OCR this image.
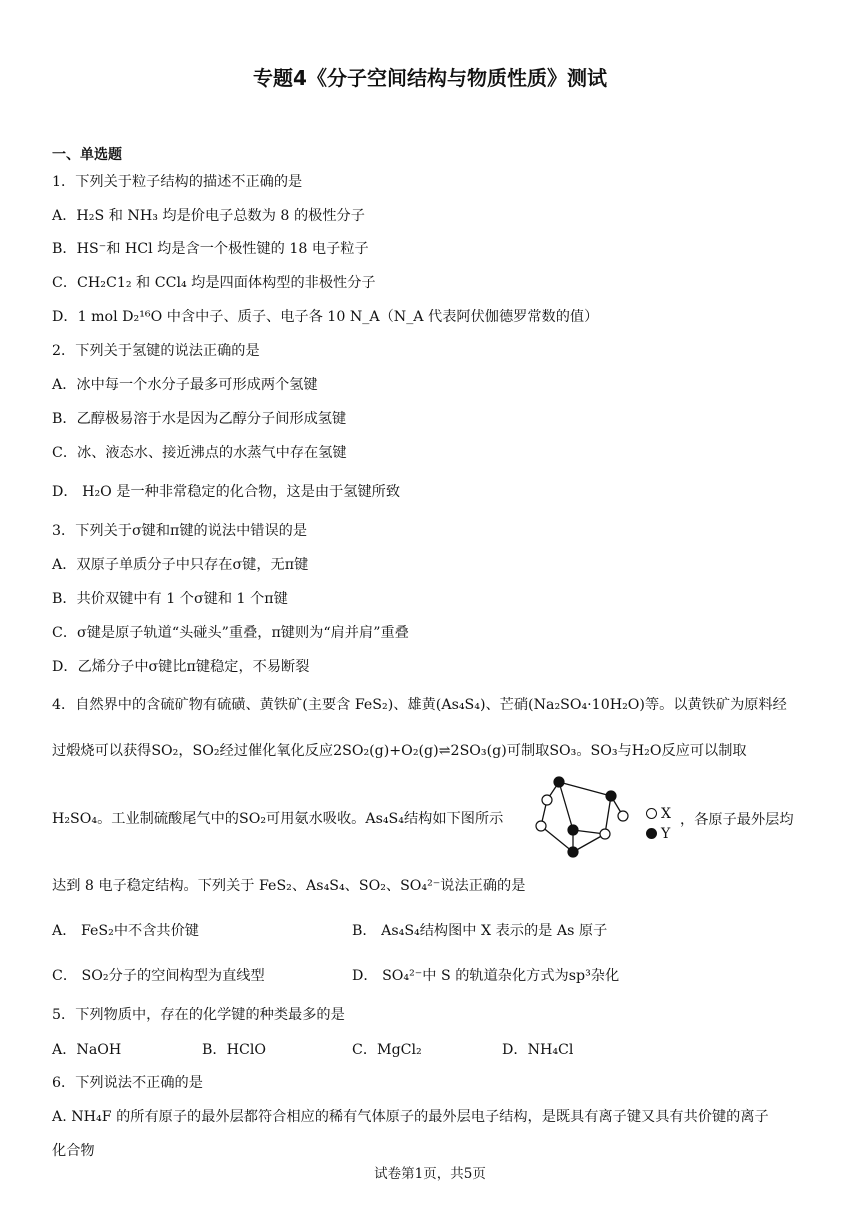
专题4《分子空间结构与物质性质》测试
一、单选题
1．下列关于粒子结构的描述不正确的是
A．H₂S 和 NH₃ 均是价电子总数为 8 的极性分子
B．HS⁻和 HCl 均是含一个极性键的 18 电子粒子
C．CH₂C1₂ 和 CCl₄ 均是四面体构型的非极性分子
D．1 mol D₂¹⁶O 中含中子、质子、电子各 10 N_A（N_A 代表阿伏伽德罗常数的值）
2．下列关于氢键的说法正确的是
A．冰中每一个水分子最多可形成两个氢键
B．乙醇极易溶于水是因为乙醇分子间形成氢键
C．冰、液态水、接近沸点的水蒸气中存在氢键
D． H₂O 是一种非常稳定的化合物，这是由于氢键所致
3．下列关于σ键和π键的说法中错误的是
A．双原子单质分子中只存在σ键，无π键
B．共价双键中有 1 个σ键和 1 个π键
C．σ键是原子轨道“头碰头”重叠，π键则为“肩并肩”重叠
D．乙烯分子中σ键比π键稳定，不易断裂
4．自然界中的含硫矿物有硫磺、黄铁矿(主要含 FeS₂)、雄黄(As₄S₄)、芒硝(Na₂SO₄·10H₂O)等。以黄铁矿为原料经
过煅烧可以获得SO₂，SO₂经过催化氧化反应2SO₂(g)+O₂(g)⇌2SO₃(g)可制取SO₃。SO₃与H₂O反应可以制取
H₂SO₄。工业制硫酸尾气中的SO₂可用氨水吸收。As₄S₄结构如下图所示	X
Y
，各原子最外层均
达到 8 电子稳定结构。下列关于 FeS₂、As₄S₄、SO₂、SO₄²⁻说法正确的是
A． FeS₂中不含共价键	B． As₄S₄结构图中 X 表示的是 As 原子
C． SO₂分子的空间构型为直线型	D． SO₄²⁻中 S 的轨道杂化方式为sp³杂化
5．下列物质中，存在的化学键的种类最多的是
A．NaOH	B．HClO	C．MgCl₂	D．NH₄Cl
6．下列说法不正确的是
A. NH₄F 的所有原子的最外层都符合相应的稀有气体原子的最外层电子结构，是既具有离子键又具有共价键的离子
化合物
试卷第1页，共5页
